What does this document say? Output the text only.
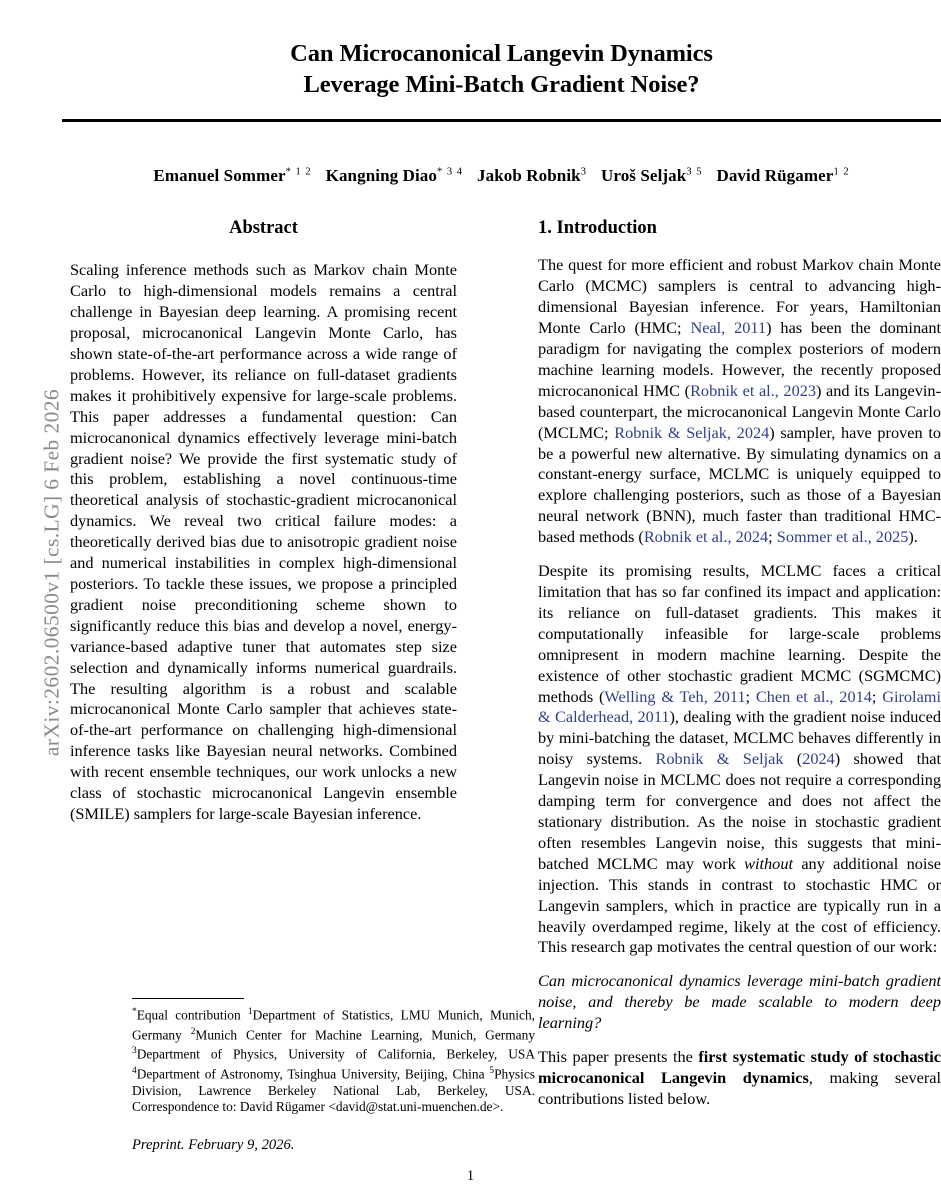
arXiv:2602.06500v1 [cs.LG] 6 Feb 2026
Can Microcanonical Langevin Dynamics
Leverage Mini-Batch Gradient Noise?
Emanuel Sommer$^{* 1 2}$ Kangning Diao$^{* 3 4}$ Jakob Robnik$^3$ Uroš Seljak$^{3 5}$ David Rügamer$^{1 2}$
Abstract

Scaling inference methods such as Markov chain Monte Carlo to high-dimensional models remains a central challenge in Bayesian deep learning. A promising recent proposal, microcanonical Langevin Monte Carlo, has shown state-of-the-art performance across a wide range of problems. However, its reliance on full-dataset gradients makes it prohibitively expensive for large-scale problems. This paper addresses a fundamental question: Can microcanonical dynamics effectively leverage mini-batch gradient noise? We provide the first systematic study of this problem, establishing a novel continuous-time theoretical analysis of stochastic-gradient microcanonical dynamics. We reveal two critical failure modes: a theoretically derived bias due to anisotropic gradient noise and numerical instabilities in complex high-dimensional posteriors. To tackle these issues, we propose a principled gradient noise preconditioning scheme shown to significantly reduce this bias and develop a novel, energy-variance-based adaptive tuner that automates step size selection and dynamically informs numerical guardrails. The resulting algorithm is a robust and scalable microcanonical Monte Carlo sampler that achieves state-of-the-art performance on challenging high-dimensional inference tasks like Bayesian neural networks. Combined with recent ensemble techniques, our work unlocks a new class of stochastic microcanonical Langevin ensemble (SMILE) samplers for large-scale Bayesian inference.

1. Introduction

The quest for more efficient and robust Markov chain Monte Carlo (MCMC) samplers is central to advancing high-dimensional Bayesian inference. For years, Hamiltonian Monte Carlo (HMC; Neal, 2011) has been the dominant paradigm for navigating the complex posteriors of modern machine learning models. However, the recently proposed microcanonical HMC (Robnik et al., 2023) and its Langevin-based counterpart, the microcanonical Langevin Monte Carlo (MCLMC; Robnik & Seljak, 2024) sampler, have proven to be a powerful new alternative. By simulating dynamics on a constant-energy surface, MCLMC is uniquely equipped to explore challenging posteriors, such as those of a Bayesian neural network (BNN), much faster than traditional HMC-based methods (Robnik et al., 2024; Sommer et al., 2025).

Despite its promising results, MCLMC faces a critical limitation that has so far confined its impact and application: its reliance on full-dataset gradients. This makes it computationally infeasible for large-scale problems omnipresent in modern machine learning. Despite the existence of other stochastic gradient MCMC (SGMCMC) methods (Welling & Teh, 2011; Chen et al., 2014; Girolami & Calderhead, 2011), dealing with the gradient noise induced by mini-batching the dataset, MCLMC behaves differently in noisy systems. Robnik & Seljak (2024) showed that Langevin noise in MCLMC does not require a corresponding damping term for convergence and does not affect the stationary distribution. As the noise in stochastic gradient often resembles Langevin noise, this suggests that mini-batched MCLMC may work without any additional noise injection. This stands in contrast to stochastic HMC or Langevin samplers, which in practice are typically run in a heavily overdamped regime, likely at the cost of efficiency. This research gap motivates the central question of our work:

Can microcanonical dynamics leverage mini-batch gradient noise, and thereby be made scalable to modern deep learning?

This paper presents the first systematic study of stochastic microcanonical Langevin dynamics, making several contributions listed below.

*Equal contribution $^1$Department of Statistics, LMU Munich, Munich, Germany $^2$Munich Center for Machine Learning, Munich, Germany $^3$Department of Physics, University of California, Berkeley, USA $^4$Department of Astronomy, Tsinghua University, Beijing, China $^5$Physics Division, Lawrence Berkeley National Lab, Berkeley, USA. Correspondence to: David Rügamer <david@stat.uni-muenchen.de>.

Preprint. February 9, 2026.
1
